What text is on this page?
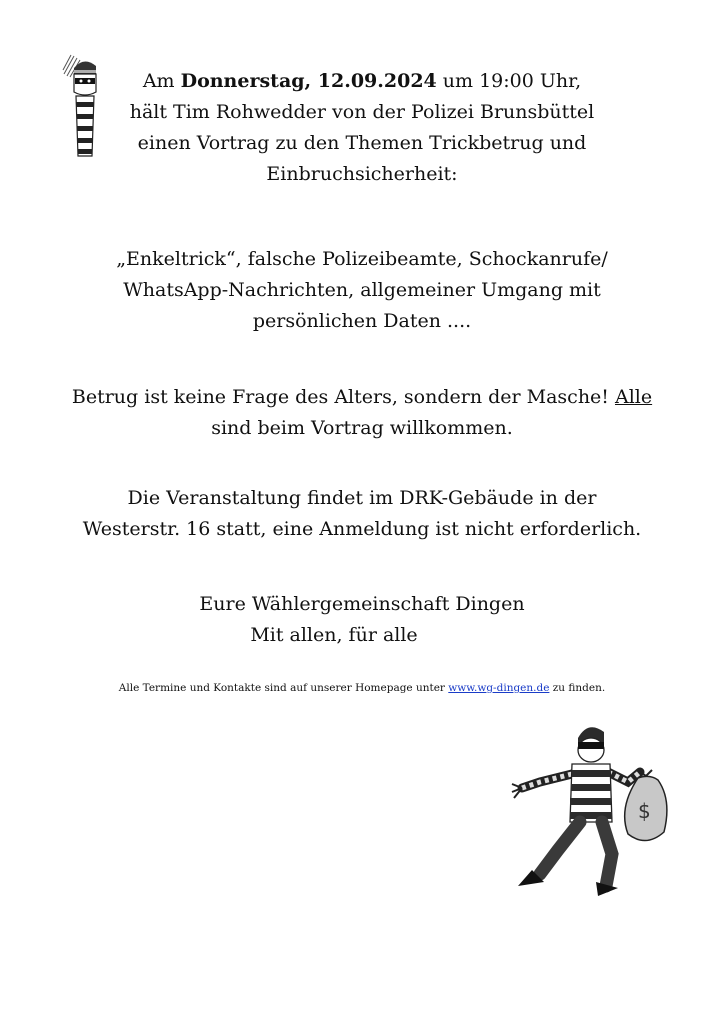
Am Donnerstag, 12.09.2024 um 19:00 Uhr,
hält Tim Rohwedder von der Polizei Brunsbüttel
einen Vortrag zu den Themen Trickbetrug und
Einbruchsicherheit:
„Enkeltrick“, falsche Polizeibeamte, Schockanrufe/
WhatsApp-Nachrichten, allgemeiner Umgang mit
persönlichen Daten ....
Betrug ist keine Frage des Alters, sondern der Masche! Alle
sind beim Vortrag willkommen.
Die Veranstaltung findet im DRK-Gebäude in der
Westerstr. 16 statt, eine Anmeldung ist nicht erforderlich.
Eure Wählergemeinschaft Dingen
Mit allen, für alle
Alle Termine und Kontakte sind auf unserer Homepage unter www.wg-dingen.de zu finden.
$
